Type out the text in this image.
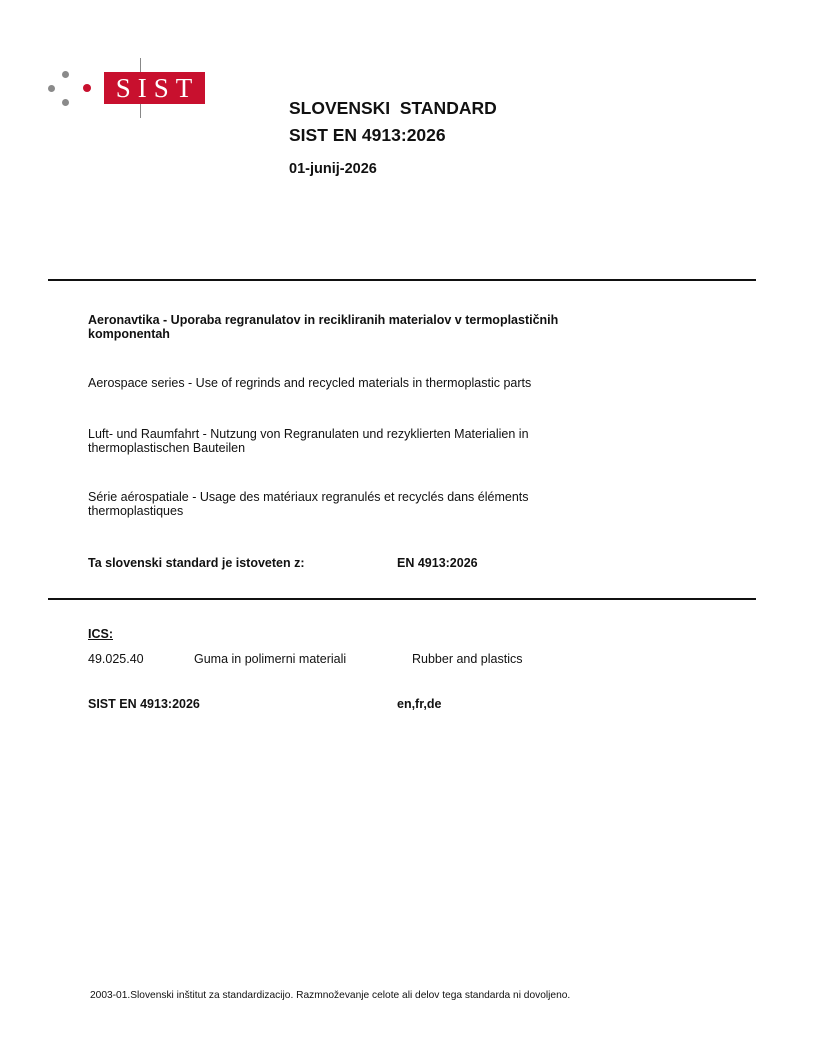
SIST
SLOVENSKI  STANDARD
SIST EN 4913:2026
01-junij-2026
Aeronavtika - Uporaba regranulatov in recikliranih materialov v termoplastičnih
komponentah
Aerospace series - Use of regrinds and recycled materials in thermoplastic parts
Luft- und Raumfahrt - Nutzung von Regranulaten und rezyklierten Materialien in
thermoplastischen Bauteilen
Série aérospatiale - Usage des matériaux regranulés et recyclés dans éléments
thermoplastiques
Ta slovenski standard je istoveten z:	EN 4913:2026
ICS:
49.025.40	Guma in polimerni materiali	Rubber and plastics
SIST EN 4913:2026	en,fr,de
2003-01.Slovenski inštitut za standardizacijo. Razmnoževanje celote ali delov tega standarda ni dovoljeno.
